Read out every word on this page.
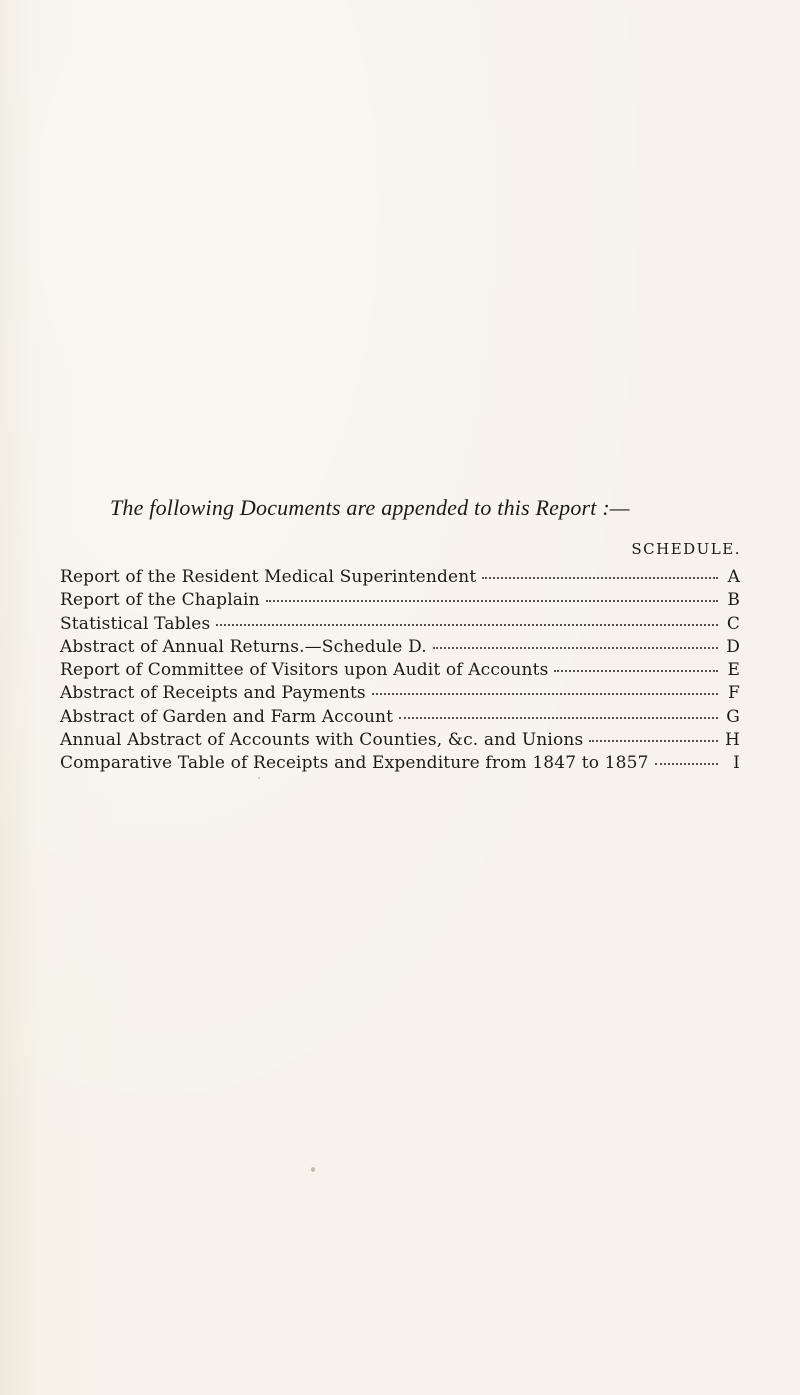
The following Documents are appended to this Report :—
SCHEDULE.
Report of the Resident Medical Superintendent	A
Report of the Chaplain	B
Statistical Tables	C
Abstract of Annual Returns.—Schedule D.	D
Report of Committee of Visitors upon Audit of Accounts	E
Abstract of Receipts and Payments	F
Abstract of Garden and Farm Account	G
Annual Abstract of Accounts with Counties, &c. and Unions	H
Comparative Table of Receipts and Expenditure from 1847 to 1857	I
